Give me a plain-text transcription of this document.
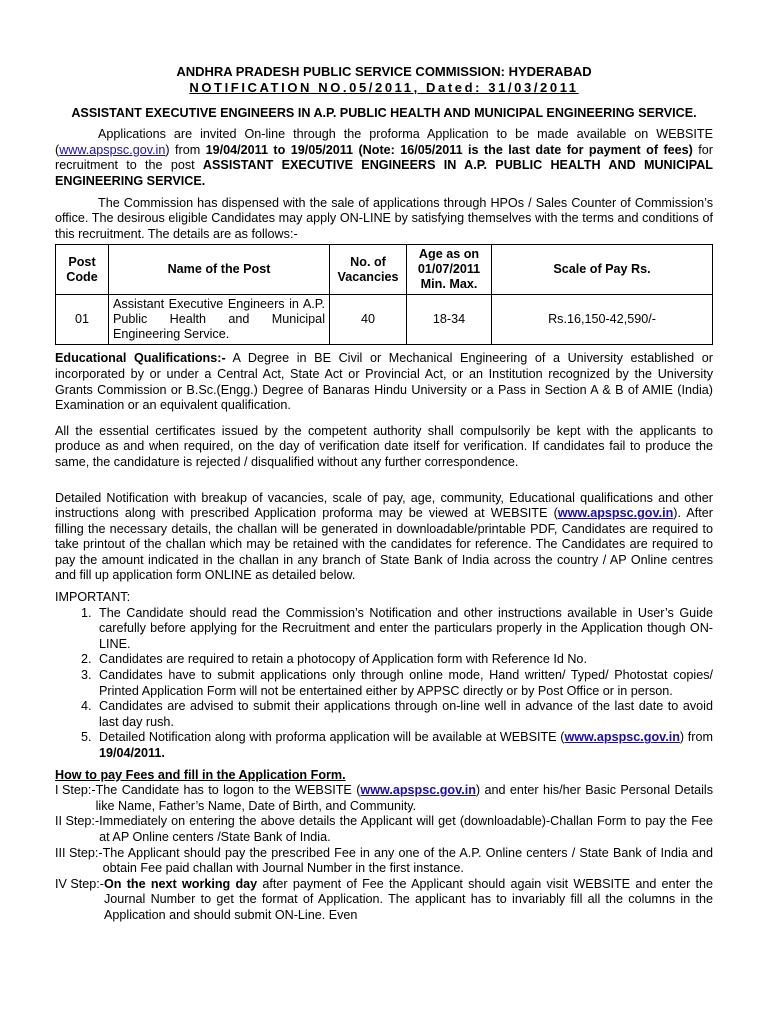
ANDHRA PRADESH PUBLIC SERVICE COMMISSION: HYDERABAD
NOTIFICATION NO.05/2011, Dated: 31/03/2011
ASSISTANT EXECUTIVE ENGINEERS IN A.P. PUBLIC HEALTH AND MUNICIPAL ENGINEERING SERVICE.

Applications are invited On-line through the proforma Application to be made available on WEBSITE (www.apspsc.gov.in) from 19/04/2011 to 19/05/2011 (Note: 16/05/2011 is the last date for payment of fees) for recruitment to the post ASSISTANT EXECUTIVE ENGINEERS IN A.P. PUBLIC HEALTH AND MUNICIPAL ENGINEERING SERVICE.

The Commission has dispensed with the sale of applications through HPOs / Sales Counter of Commission’s office. The desirous eligible Candidates may apply ON-LINE by satisfying themselves with the terms and conditions of this recruitment. The details are as follows:-

Post Code	Name of the Post	No. of Vacancies	Age as on 01/07/2011 Min. Max.	Scale of Pay Rs.
01	Assistant Executive Engineers in A.P. Public Health and Municipal Engineering Service.	40	18-34	Rs.16,150-42,590/-

Educational Qualifications:- A Degree in BE Civil or Mechanical Engineering of a University established or incorporated by or under a Central Act, State Act or Provincial Act, or an Institution recognized by the University Grants Commission or B.Sc.(Engg.) Degree of Banaras Hindu University or a Pass in Section A & B of AMIE (India) Examination or an equivalent qualification.

All the essential certificates issued by the competent authority shall compulsorily be kept with the applicants to produce as and when required, on the day of verification date itself for verification. If candidates fail to produce the same, the candidature is rejected / disqualified without any further correspondence.

Detailed Notification with breakup of vacancies, scale of pay, age, community, Educational qualifications and other instructions along with prescribed Application proforma may be viewed at WEBSITE (www.apspsc.gov.in). After filling the necessary details, the challan will be generated in downloadable/printable PDF, Candidates are required to take printout of the challan which may be retained with the candidates for reference. The Candidates are required to pay the amount indicated in the challan in any branch of State Bank of India across the country / AP Online centres and fill up application form ONLINE as detailed below.

IMPORTANT:
1. The Candidate should read the Commission’s Notification and other instructions available in User’s Guide carefully before applying for the Recruitment and enter the particulars properly in the Application though ON-LINE.
2. Candidates are required to retain a photocopy of Application form with Reference Id No.
3. Candidates have to submit applications only through online mode, Hand written/ Typed/ Photostat copies/ Printed Application Form will not be entertained either by APPSC directly or by Post Office or in person.
4. Candidates are advised to submit their applications through on-line well in advance of the last date to avoid last day rush.
5. Detailed Notification along with proforma application will be available at WEBSITE (www.apspsc.gov.in) from 19/04/2011.
How to pay Fees and fill in the Application Form.
I Step:- The Candidate has to logon to the WEBSITE (www.apspsc.gov.in) and enter his/her Basic Personal Details like Name, Father’s Name, Date of Birth, and Community.
II Step:- Immediately on entering the above details the Applicant will get (downloadable)-Challan Form to pay the Fee at AP Online centers /State Bank of India.
III Step:- The Applicant should pay the prescribed Fee in any one of the A.P. Online centers / State Bank of India and obtain Fee paid challan with Journal Number in the first instance.
IV Step:- On the next working day after payment of Fee the Applicant should again visit WEBSITE and enter the Journal Number to get the format of Application. The applicant has to invariably fill all the columns in the Application and should submit ON-Line. Even
